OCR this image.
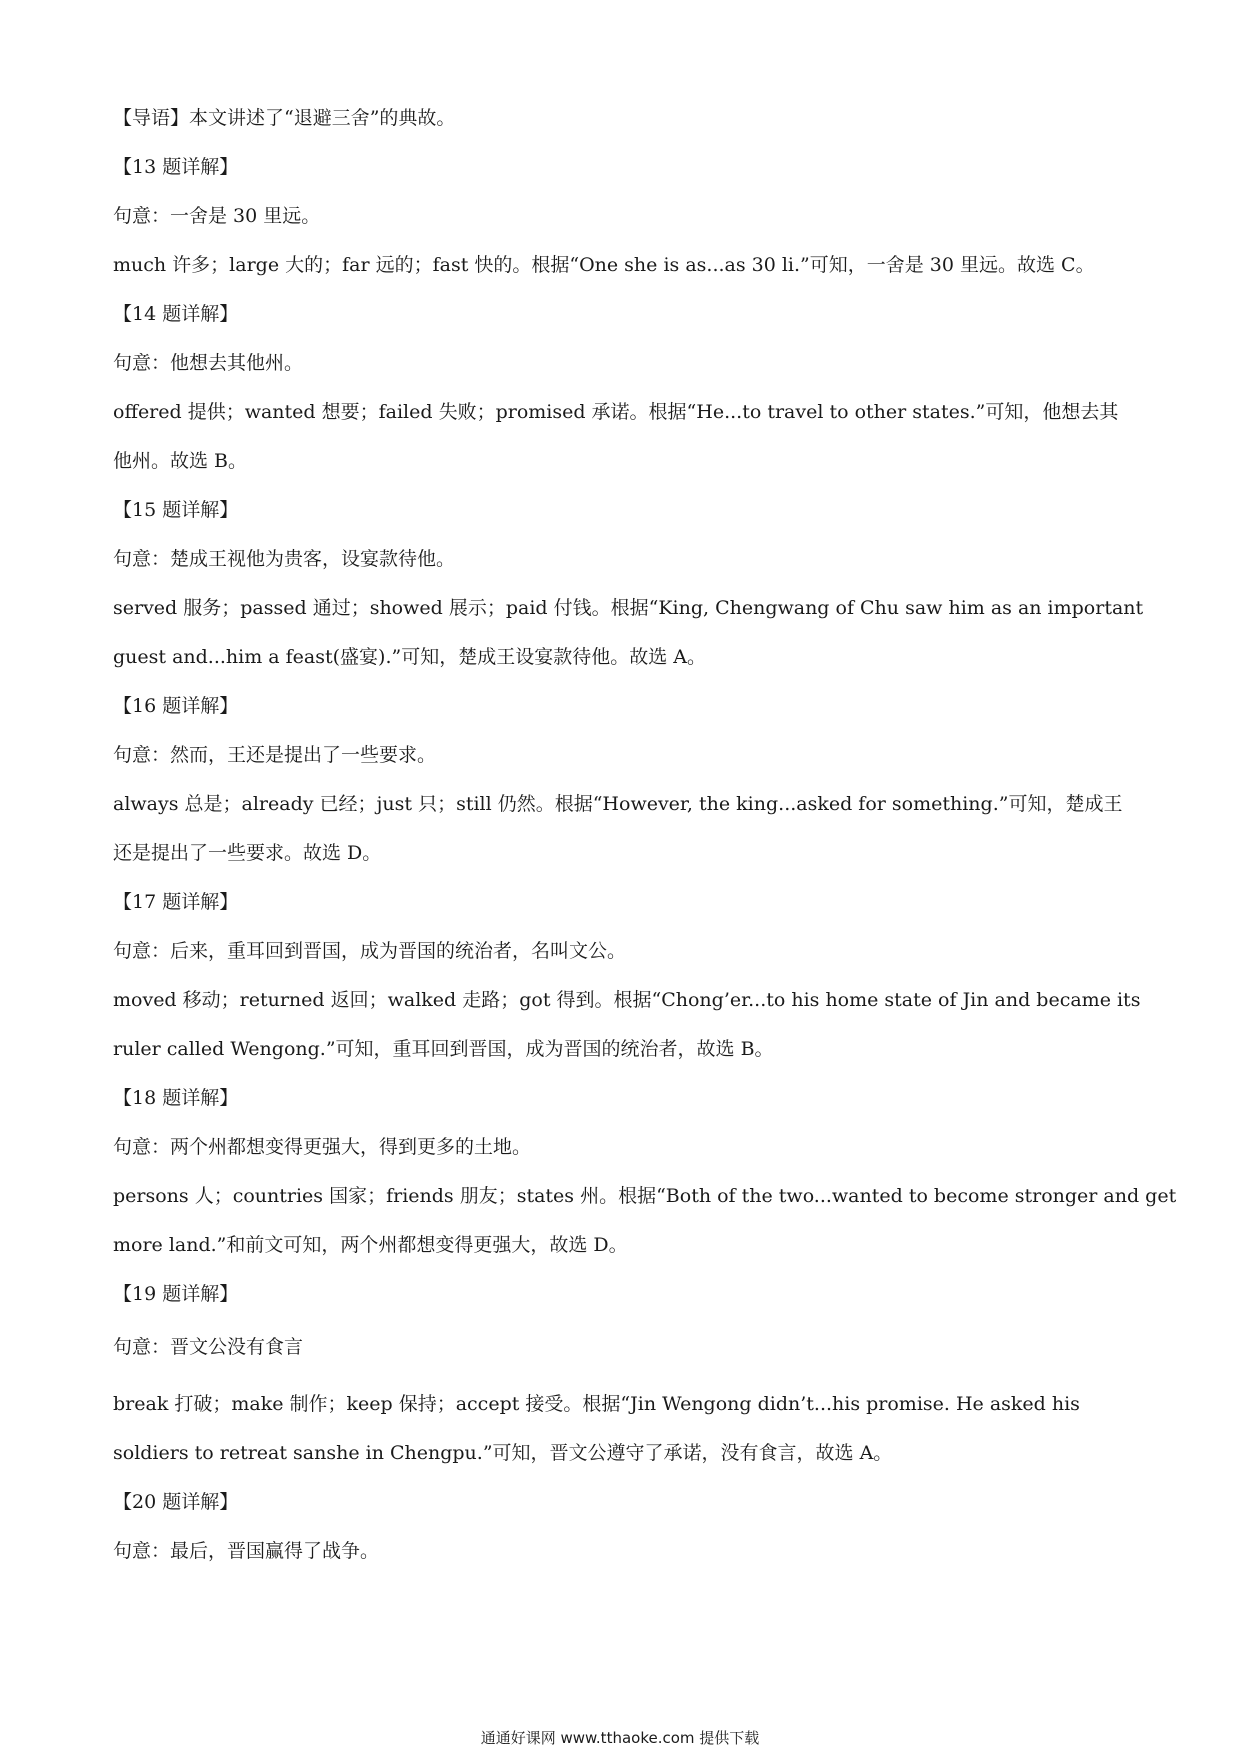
【导语】本文讲述了“退避三舍”的典故。
【13 题详解】
句意：一舍是 30 里远。
much 许多；large 大的；far 远的；fast 快的。根据“One she is as...as 30 li.”可知，一舍是 30 里远。故选 C。
【14 题详解】
句意：他想去其他州。
offered 提供；wanted 想要；failed 失败；promised 承诺。根据“He...to travel to other states.”可知，他想去其
他州。故选 B。
【15 题详解】
句意：楚成王视他为贵客，设宴款待他。
served 服务；passed 通过；showed 展示；paid 付钱。根据“King, Chengwang of Chu saw him as an important
guest and...him a feast(盛宴).”可知，楚成王设宴款待他。故选 A。
【16 题详解】
句意：然而，王还是提出了一些要求。
always 总是；already 已经；just 只；still 仍然。根据“However, the king...asked for something.”可知，楚成王
还是提出了一些要求。故选 D。
【17 题详解】
句意：后来，重耳回到晋国，成为晋国的统治者，名叫文公。
moved 移动；returned 返回；walked 走路；got 得到。根据“Chong’er...to his home state of Jin and became its
ruler called Wengong.”可知，重耳回到晋国，成为晋国的统治者，故选 B。
【18 题详解】
句意：两个州都想变得更强大，得到更多的土地。
persons 人；countries 国家；friends 朋友；states 州。根据“Both of the two...wanted to become stronger and get
more land.”和前文可知，两个州都想变得更强大，故选 D。
【19 题详解】
句意：晋文公没有食言
break 打破；make 制作；keep 保持；accept 接受。根据“Jin Wengong didn’t...his promise. He asked his
soldiers to retreat sanshe in Chengpu.”可知，晋文公遵守了承诺，没有食言，故选 A。
【20 题详解】
句意：最后，晋国赢得了战争。
通通好课网 www.tthaoke.com 提供下载
